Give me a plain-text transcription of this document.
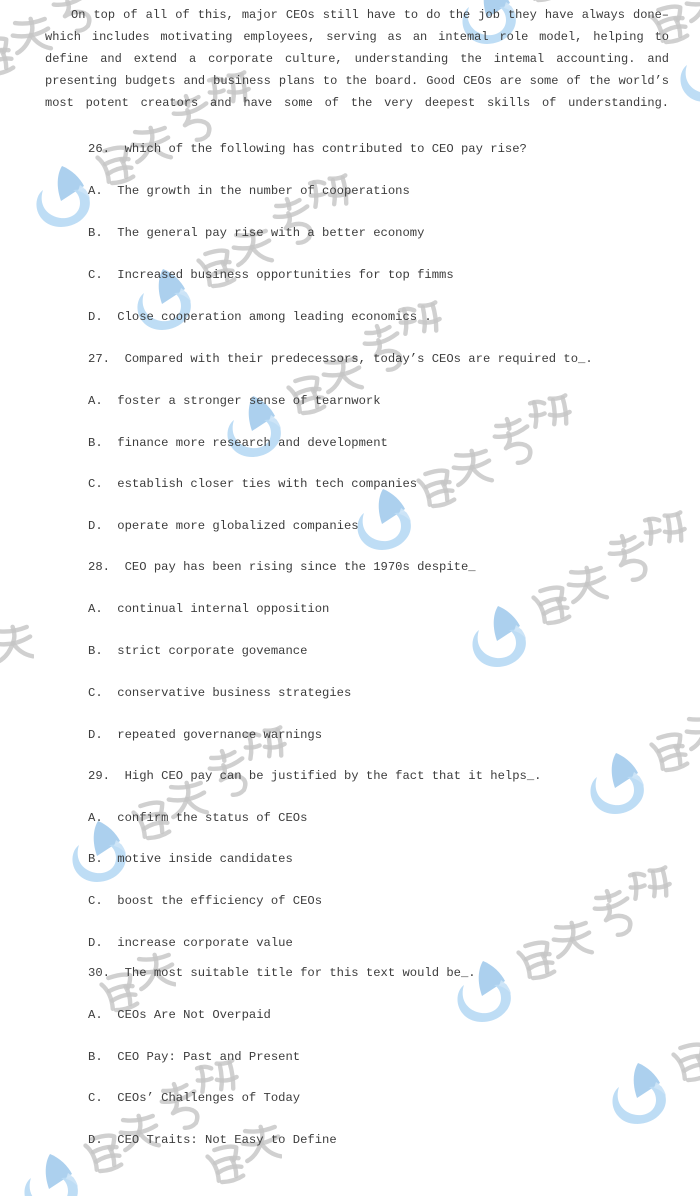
On top of all of this, major CEOs still have to do the job they have always done–
which includes motivating employees, serving as an intemal role model, helping to
define and extend a corporate culture, understanding the intemal accounting. and
presenting budgets and business plans to the board. Good CEOs are some of the world’s
most potent creators and have some of the very deepest skills of understanding.
26.  which of the following has contributed to CEO pay rise?
A.  The growth in the number of cooperations
B.  The general pay rise with a better economy
C.  Increased business opportunities for top fimms
D.  Close cooperation among leading economics .
27.  Compared with their predecessors, today’s CEOs are required to_.
A.  foster a stronger sense of tearnwork
B.  finance more research and development
C.  establish closer ties with tech companies
D.  operate more globalized companies
28.  CEO pay has been rising since the 1970s despite_
A.  continual internal opposition
B.  strict corporate govemance
C.  conservative business strategies
D.  repeated governance warnings
29.  High CEO pay can be justified by the fact that it helps_.
A.  confirm the status of CEOs
B.  motive inside candidates
C.  boost the efficiency of CEOs
D.  increase corporate value
30.  The most suitable title for this text would be_.
A.  CEOs Are Not Overpaid
B.  CEO Pay: Past and Present
C.  CEOs’ Challenges of Today
D.  CEO Traits: Not Easy to Define
